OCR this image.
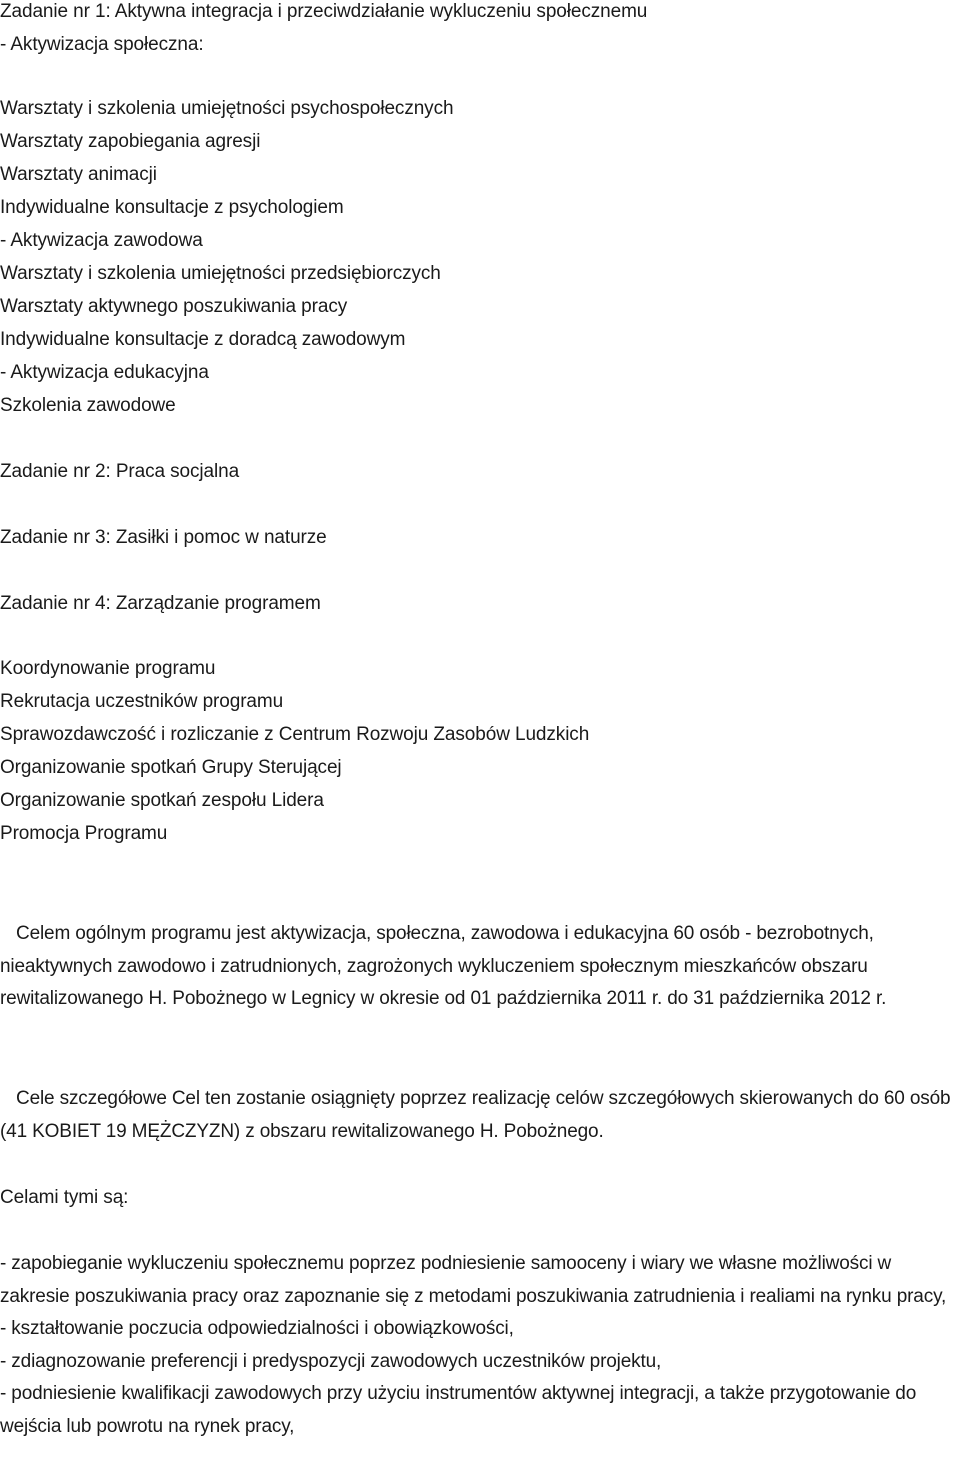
Zadanie nr 1: Aktywna integracja i przeciwdziałanie wykluczeniu społecznemu
- Aktywizacja społeczna:
Warsztaty i szkolenia umiejętności psychospołecznych
Warsztaty zapobiegania agresji
Warsztaty animacji
Indywidualne konsultacje z psychologiem
- Aktywizacja zawodowa
Warsztaty i szkolenia umiejętności przedsiębiorczych
Warsztaty aktywnego poszukiwania pracy
Indywidualne konsultacje z doradcą zawodowym
- Aktywizacja edukacyjna
Szkolenia zawodowe
Zadanie nr 2: Praca socjalna
Zadanie nr 3: Zasiłki i pomoc w naturze
Zadanie nr 4: Zarządzanie programem
Koordynowanie programu
Rekrutacja uczestników programu
Sprawozdawczość i rozliczanie z Centrum Rozwoju Zasobów Ludzkich
Organizowanie spotkań Grupy Sterującej
Organizowanie spotkań zespołu Lidera
Promocja Programu

Celem ogólnym programu jest aktywizacja, społeczna, zawodowa i edukacyjna 60 osób - bezrobotnych, nieaktywnych zawodowo i zatrudnionych, zagrożonych wykluczeniem społecznym mieszkańców obszaru rewitalizowanego H. Pobożnego w Legnicy w okresie od 01 października 2011 r. do 31 października 2012 r.

Cele szczegółowe Cel ten zostanie osiągnięty poprzez realizację celów szczegółowych skierowanych do 60 osób (41 KOBIET 19 MĘŻCZYZN) z obszaru rewitalizowanego H. Pobożnego.

Celami tymi są:

- zapobieganie wykluczeniu społecznemu poprzez podniesienie samooceny i wiary we własne możliwości w zakresie poszukiwania pracy oraz zapoznanie się z metodami poszukiwania zatrudnienia i realiami na rynku pracy,

- kształtowanie poczucia odpowiedzialności i obowiązkowości,

- zdiagnozowanie preferencji i predyspozycji zawodowych uczestników projektu,

- podniesienie kwalifikacji zawodowych przy użyciu instrumentów aktywnej integracji, a także przygotowanie do wejścia lub powrotu na rynek pracy,
